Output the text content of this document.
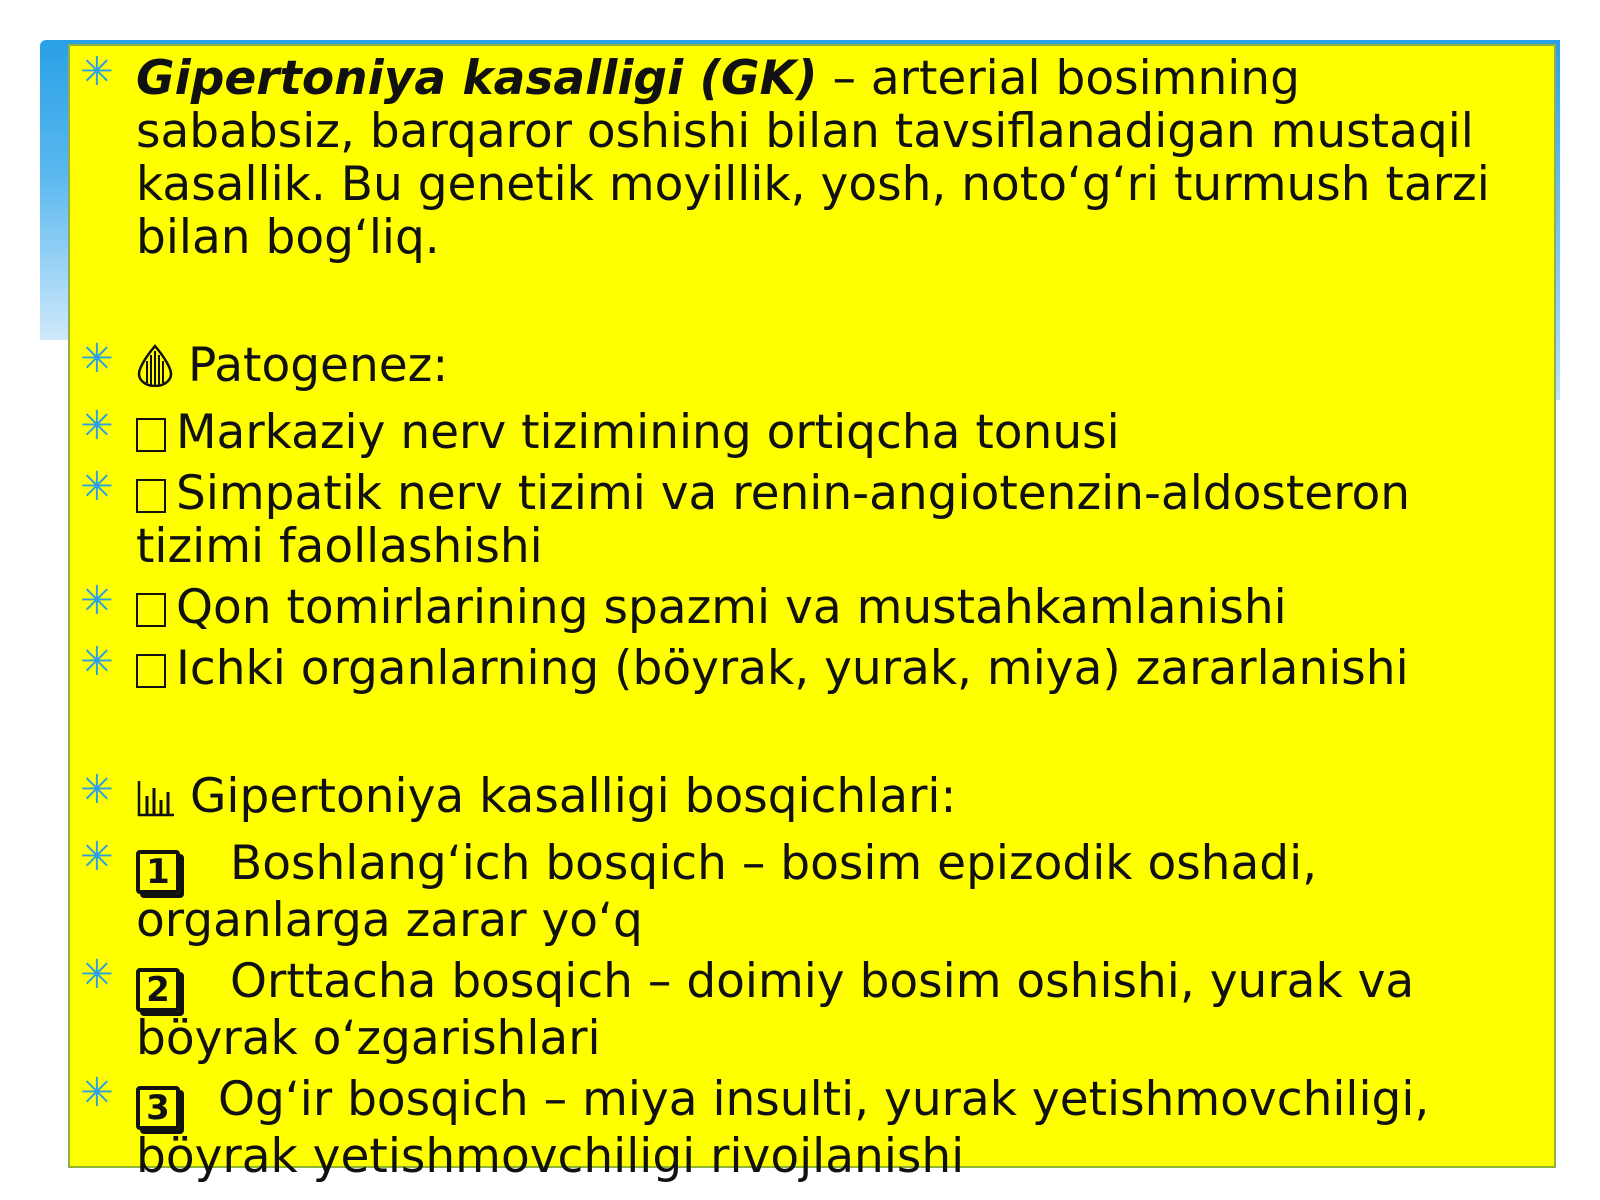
✳ Gipertoniya kasalligi (GK) – arterial bosimning sababsiz, barqaror oshishi bilan tavsiflanadigan mustaqil kasallik. Bu genetik moyillik, yosh, noto‘g‘ri turmush tarzi bilan bog‘liq.
✳ Patogenez:
✳ Markaziy nerv tizimining ortiqcha tonusi
✳ Simpatik nerv tizimi va renin-angiotenzin-aldosteron tizimi faollashishi
✳ Qon tomirlarining spazmi va mustahkamlanishi
✳ Ichki organlarning (böyrak, yurak, miya) zararlanishi
✳ Gipertoniya kasalligi bosqichlari:
✳ 1 Boshlang‘ich bosqich – bosim epizodik oshadi, organlarga zarar yo‘q
✳ 2 Orttacha bosqich – doimiy bosim oshishi, yurak va böyrak o‘zgarishlari
✳ 3 Og‘ir bosqich – miya insulti, yurak yetishmovchiligi, böyrak yetishmovchiligi rivojlanishi
